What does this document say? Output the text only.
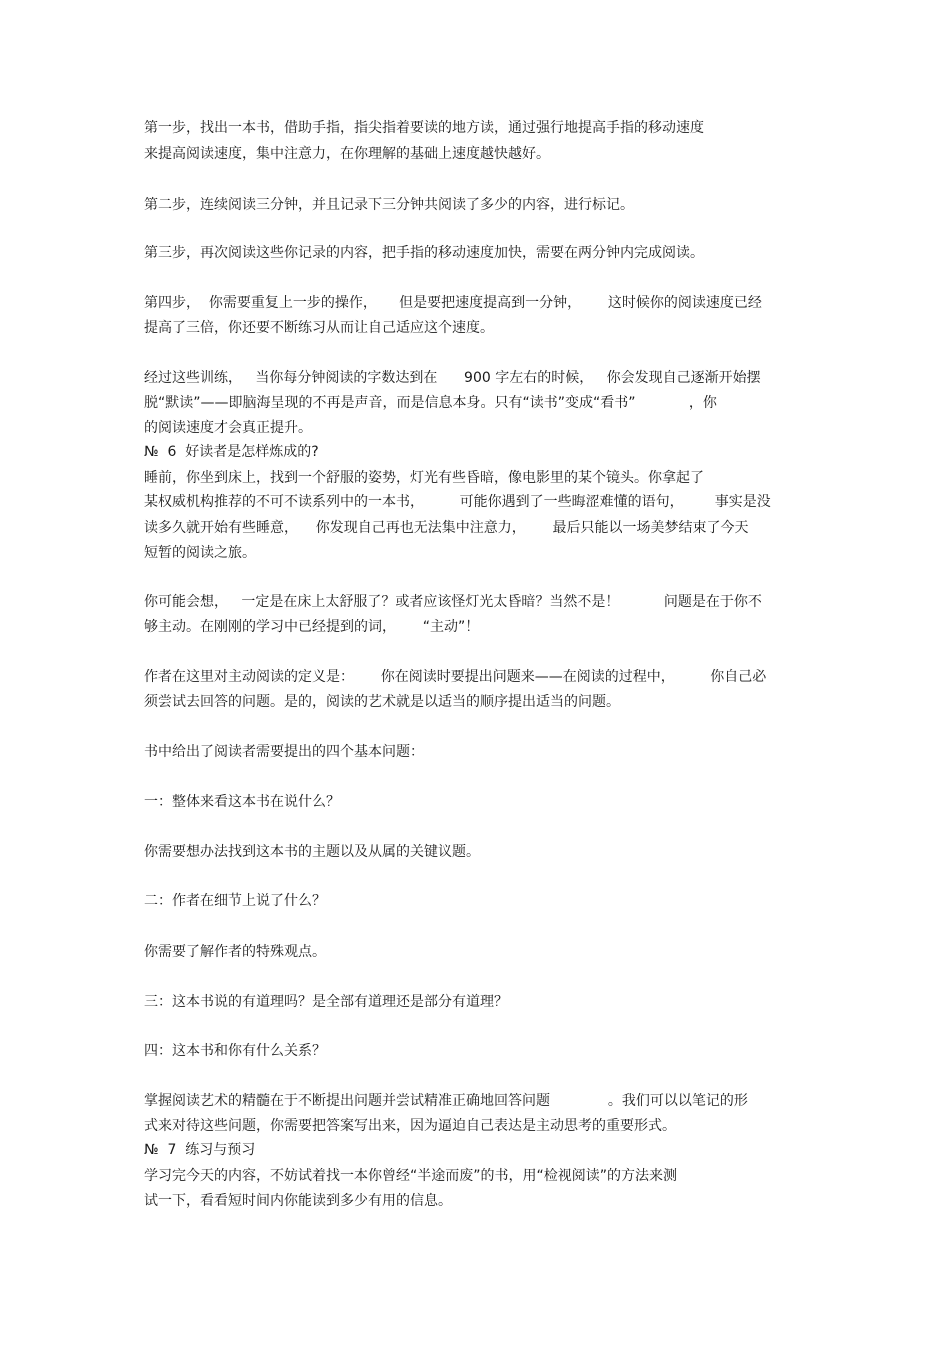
第一步，找出一本书，借助手指，指尖指着要读的地方读，通过强行地提高手指的移动速度
来提高阅读速度，集中注意力，在你理解的基础上速度越快越好。
第二步，连续阅读三分钟，并且记录下三分钟共阅读了多少的内容，进行标记。
第三步，再次阅读这些你记录的内容，把手指的移动速度加快，需要在两分钟内完成阅读。
第四步，  你需要重复上一步的操作，     但是要把速度提高到一分钟，      这时候你的阅读速度已经
提高了三倍，你还要不断练习从而让自己适应这个速度。
经过这些训练，   当你每分钟阅读的字数达到在      900 字左右的时候，   你会发现自己逐渐开始摆
脱“默读”——即脑海呈现的不再是声音，而是信息本身。只有“读书”变成“看书”            ，你
的阅读速度才会真正提升。
№  6  好读者是怎样炼成的?
睡前，你坐到床上，找到一个舒服的姿势，灯光有些昏暗，像电影里的某个镜头。你拿起了
某权威机构推荐的不可不读系列中的一本书，        可能你遇到了一些晦涩难懂的语句，       事实是没
读多久就开始有些睡意，    你发现自己再也无法集中注意力，      最后只能以一场美梦结束了今天
短暂的阅读之旅。
你可能会想，   一定是在床上太舒服了？或者应该怪灯光太昏暗？当然不是！          问题是在于你不
够主动。在刚刚的学习中已经提到的词，      “主动”！
作者在这里对主动阅读的定义是：      你在阅读时要提出问题来——在阅读的过程中，        你自己必
须尝试去回答的问题。是的，阅读的艺术就是以适当的顺序提出适当的问题。
书中给出了阅读者需要提出的四个基本问题：
一：整体来看这本书在说什么？
你需要想办法找到这本书的主题以及从属的关键议题。
二：作者在细节上说了什么？
你需要了解作者的特殊观点。
三：这本书说的有道理吗？是全部有道理还是部分有道理？
四：这本书和你有什么关系？
掌握阅读艺术的精髓在于不断提出问题并尝试精准正确地回答问题             。我们可以以笔记的形
式来对待这些问题，你需要把答案写出来，因为逼迫自己表达是主动思考的重要形式。
№  7  练习与预习
学习完今天的内容，不妨试着找一本你曾经“半途而废”的书，用“检视阅读”的方法来测
试一下，看看短时间内你能读到多少有用的信息。
